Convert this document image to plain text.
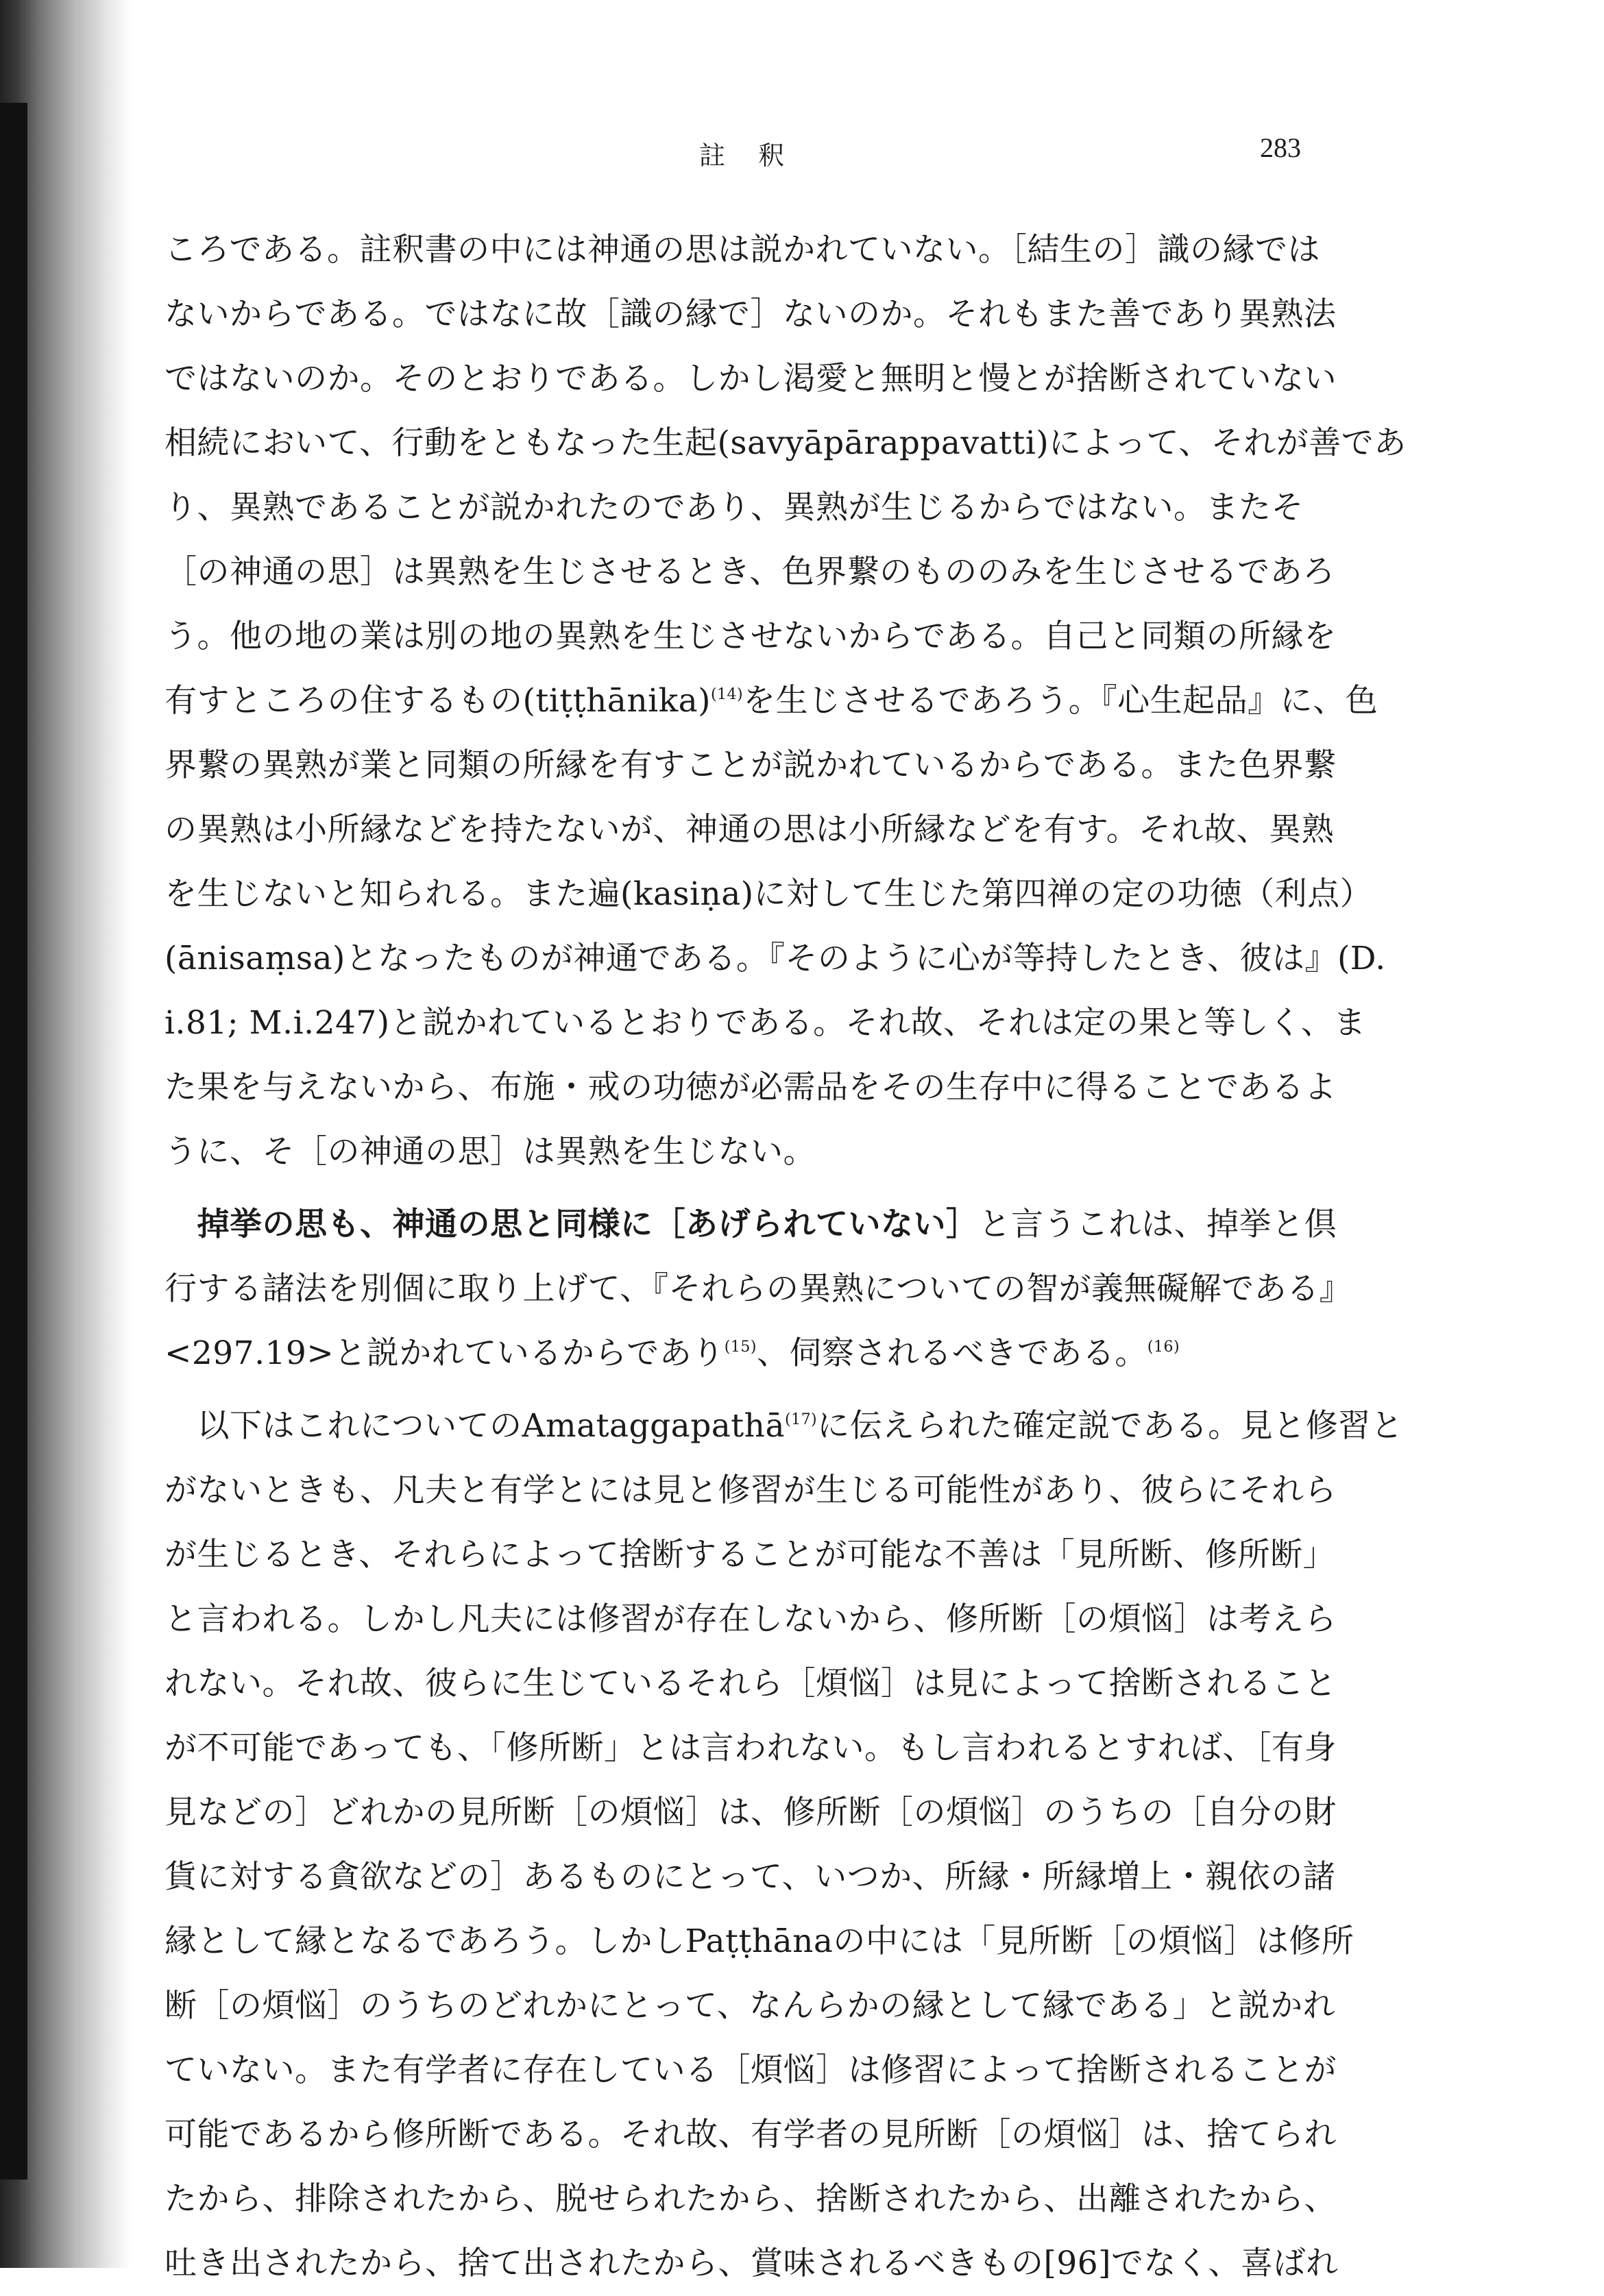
註 釈	283
ころである。註釈書の中には神通の思は説かれていない。［結生の］識の縁では
ないからである。ではなに故［識の縁で］ないのか。それもまた善であり異熟法
ではないのか。そのとおりである。しかし渇愛と無明と慢とが捨断されていない
相続において、行動をともなった生起(savyāpārappavatti)によって、それが善であ
り、異熟であることが説かれたのであり、異熟が生じるからではない。またそ
［の神通の思］は異熟を生じさせるとき、色界繋のもののみを生じさせるであろ
う。他の地の業は別の地の異熟を生じさせないからである。自己と同類の所縁を
有すところの住するもの(tiṭṭhānika)$^{(14)}$を生じさせるであろう。『心生起品』に、色
界繋の異熟が業と同類の所縁を有すことが説かれているからである。また色界繋
の異熟は小所縁などを持たないが、神通の思は小所縁などを有す。それ故、異熟
を生じないと知られる。また遍(kasiṇa)に対して生じた第四禅の定の功徳（利点）
(ānisaṃsa)となったものが神通である。『そのように心が等持したとき、彼は』(D.
i.81; M.i.247)と説かれているとおりである。それ故、それは定の果と等しく、ま
た果を与えないから、布施・戒の功徳が必需品をその生存中に得ることであるよ
うに、そ［の神通の思］は異熟を生じない。
　掉挙の思も、神通の思と同様に［あげられていない］と言うこれは、掉挙と倶
行する諸法を別個に取り上げて、『それらの異熟についての智が義無礙解である』
<297.19>と説かれているからであり$^{(15)}$、伺察されるべきである。$^{(16)}$
　以下はこれについてのAmataggapathā$^{(17)}$に伝えられた確定説である。見と修習と
がないときも、凡夫と有学とには見と修習が生じる可能性があり、彼らにそれら
が生じるとき、それらによって捨断することが可能な不善は「見所断、修所断」
と言われる。しかし凡夫には修習が存在しないから、修所断［の煩悩］は考えら
れない。それ故、彼らに生じているそれら［煩悩］は見によって捨断されること
が不可能であっても、「修所断」とは言われない。もし言われるとすれば、［有身
見などの］どれかの見所断［の煩悩］は、修所断［の煩悩］のうちの［自分の財
貨に対する貪欲などの］あるものにとって、いつか、所縁・所縁増上・親依の諸
縁として縁となるであろう。しかしPaṭṭhānaの中には「見所断［の煩悩］は修所
断［の煩悩］のうちのどれかにとって、なんらかの縁として縁である」と説かれ
ていない。また有学者に存在している［煩悩］は修習によって捨断されることが
可能であるから修所断である。それ故、有学者の見所断［の煩悩］は、捨てられ
たから、排除されたから、脱せられたから、捨断されたから、出離されたから、
吐き出されたから、捨て出されたから、賞味されるべきもの[96]でなく、喜ばれ
